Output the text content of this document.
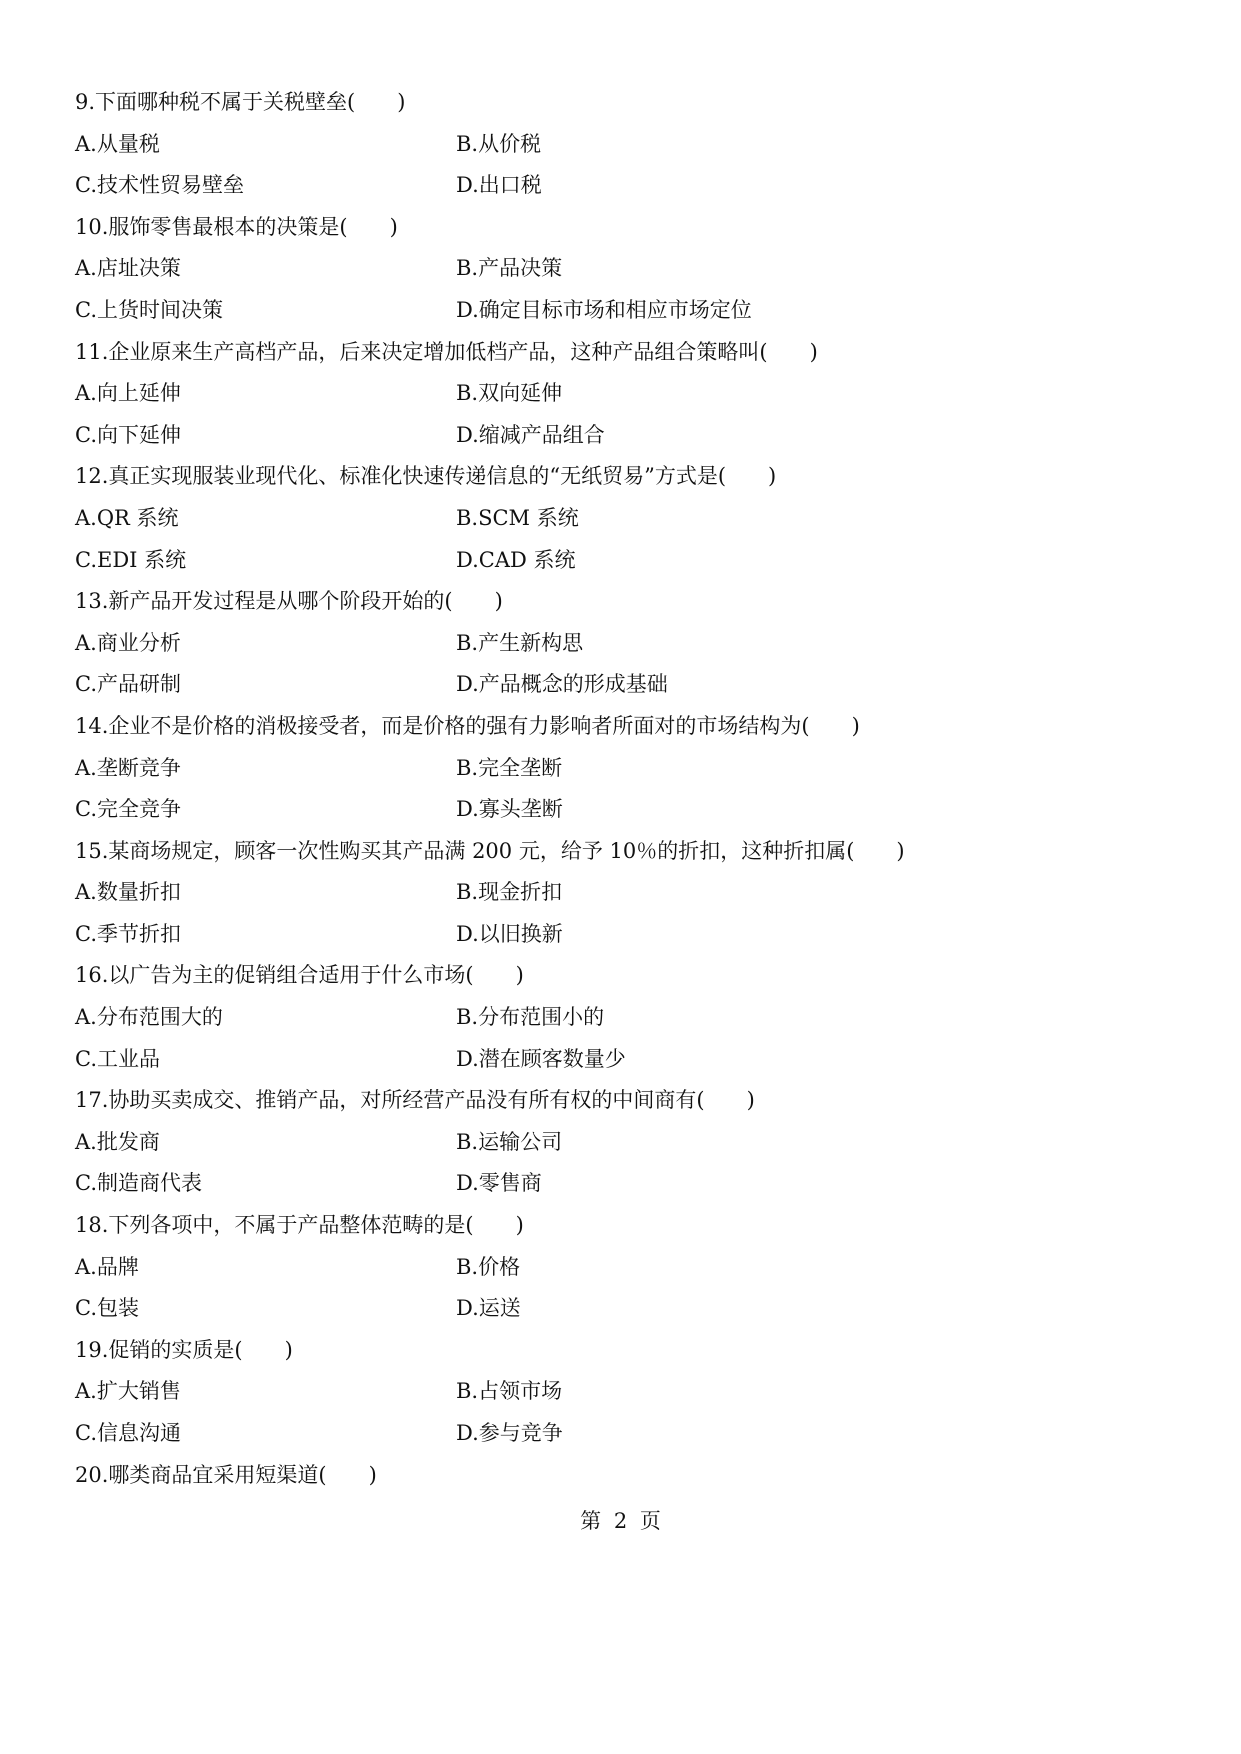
9.下面哪种税不属于关税壁垒(　　)
A.从量税	B.从价税
C.技术性贸易壁垒	D.出口税
10.服饰零售最根本的决策是(　　)
A.店址决策	B.产品决策
C.上货时间决策	D.确定目标市场和相应市场定位
11.企业原来生产高档产品，后来决定增加低档产品，这种产品组合策略叫(　　)
A.向上延伸	B.双向延伸
C.向下延伸	D.缩减产品组合
12.真正实现服装业现代化、标准化快速传递信息的“无纸贸易”方式是(　　)
A.QR 系统	B.SCM 系统
C.EDI 系统	D.CAD 系统
13.新产品开发过程是从哪个阶段开始的(　　)
A.商业分析	B.产生新构思
C.产品研制	D.产品概念的形成基础
14.企业不是价格的消极接受者，而是价格的强有力影响者所面对的市场结构为(　　)
A.垄断竞争	B.完全垄断
C.完全竞争	D.寡头垄断
15.某商场规定，顾客一次性购买其产品满 200 元，给予 10％的折扣，这种折扣属(　　)
A.数量折扣	B.现金折扣
C.季节折扣	D.以旧换新
16.以广告为主的促销组合适用于什么市场(　　)
A.分布范围大的	B.分布范围小的
C.工业品	D.潜在顾客数量少
17.协助买卖成交、推销产品，对所经营产品没有所有权的中间商有(　　)
A.批发商	B.运输公司
C.制造商代表	D.零售商
18.下列各项中，不属于产品整体范畴的是(　　)
A.品牌	B.价格
C.包装	D.运送
19.促销的实质是(　　)
A.扩大销售	B.占领市场
C.信息沟通	D.参与竞争
20.哪类商品宜采用短渠道(　　)
第 2 页
